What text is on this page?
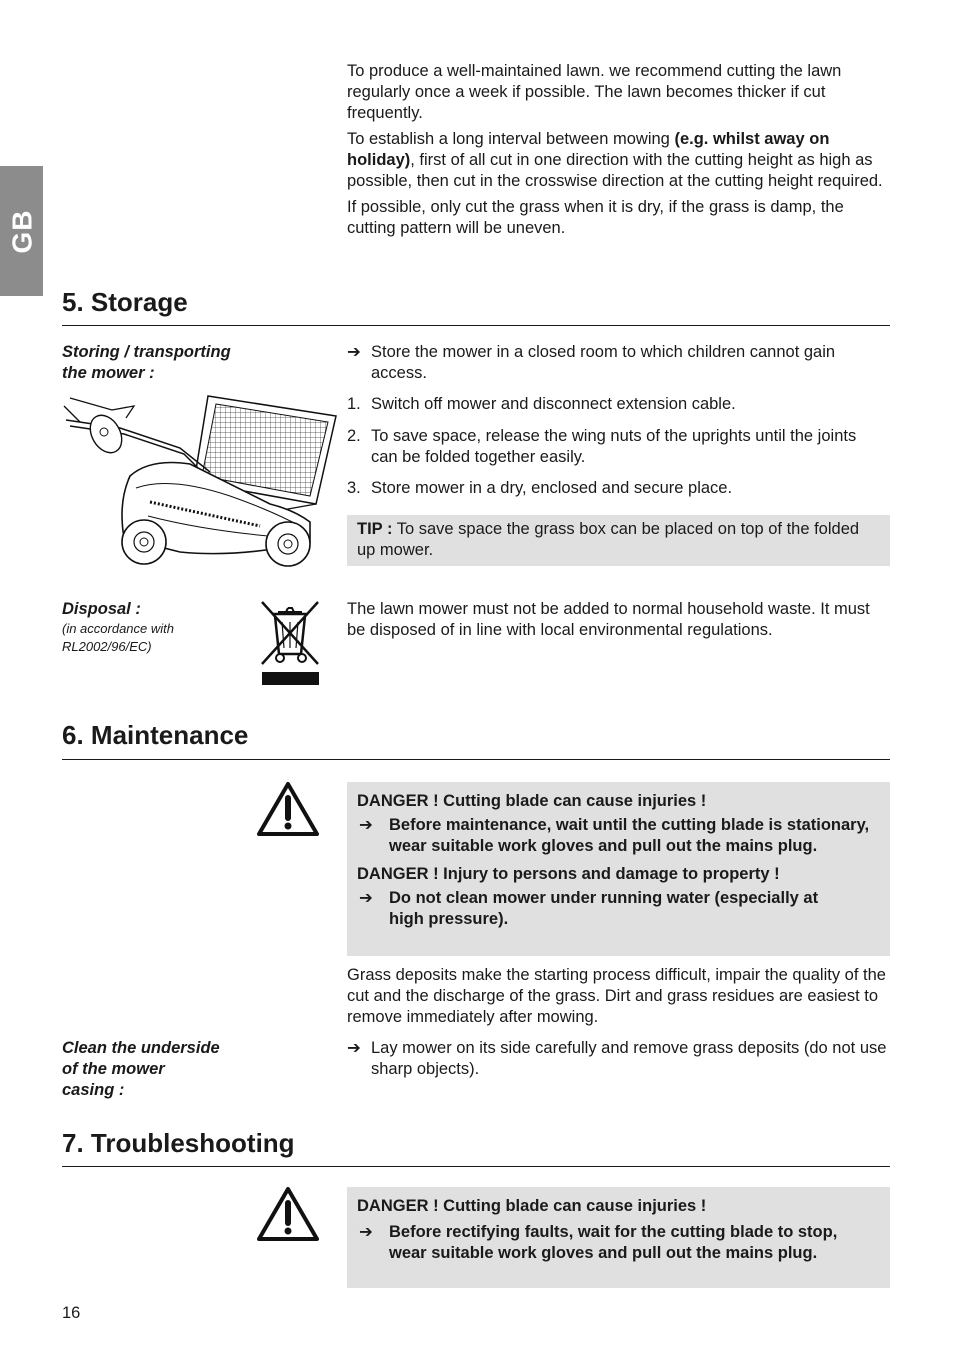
GB

To produce a well-maintained lawn. we recommend cutting the lawn regularly once a week if possible. The lawn becomes thicker if cut frequently.

To establish a long interval between mowing (e.g. whilst away on holiday), first of all cut in one direction with the cutting height as high as possible, then cut in the crosswise direction at the cutting height required.

If possible, only cut the grass when it is dry, if the grass is damp, the cutting pattern will be uneven.

5. Storage
Storing / transporting
the mower :
➔ Store the mower in a closed room to which children cannot gain access.
1. Switch off mower and disconnect extension cable.
2. To save space, release the wing nuts of the uprights until the joints can be folded together easily.
3. Store mower in a dry, enclosed and secure place.
TIP : To save space the grass box can be placed on top of the folded up mower.
Disposal :
(in accordance with
RL2002/96/EC)
The lawn mower must not be added to normal household waste. It must be disposed of in line with local environmental regulations.
6. Maintenance
DANGER ! Cutting blade can cause injuries !
➔ Before maintenance, wait until the cutting blade is stationary, wear suitable work gloves and pull out the mains plug.
DANGER ! Injury to persons and damage to property !
➔ Do not clean mower under running water (especially at high pressure).
Grass deposits make the starting process difficult, impair the quality of the cut and the discharge of the grass. Dirt and grass residues are easiest to remove immediately after mowing.
Clean the underside
of the mower
casing :
➔ Lay mower on its side carefully and remove grass deposits (do not use sharp objects).
7. Troubleshooting
DANGER ! Cutting blade can cause injuries !
➔ Before rectifying faults, wait for the cutting blade to stop, wear suitable work gloves and pull out the mains plug.
16
